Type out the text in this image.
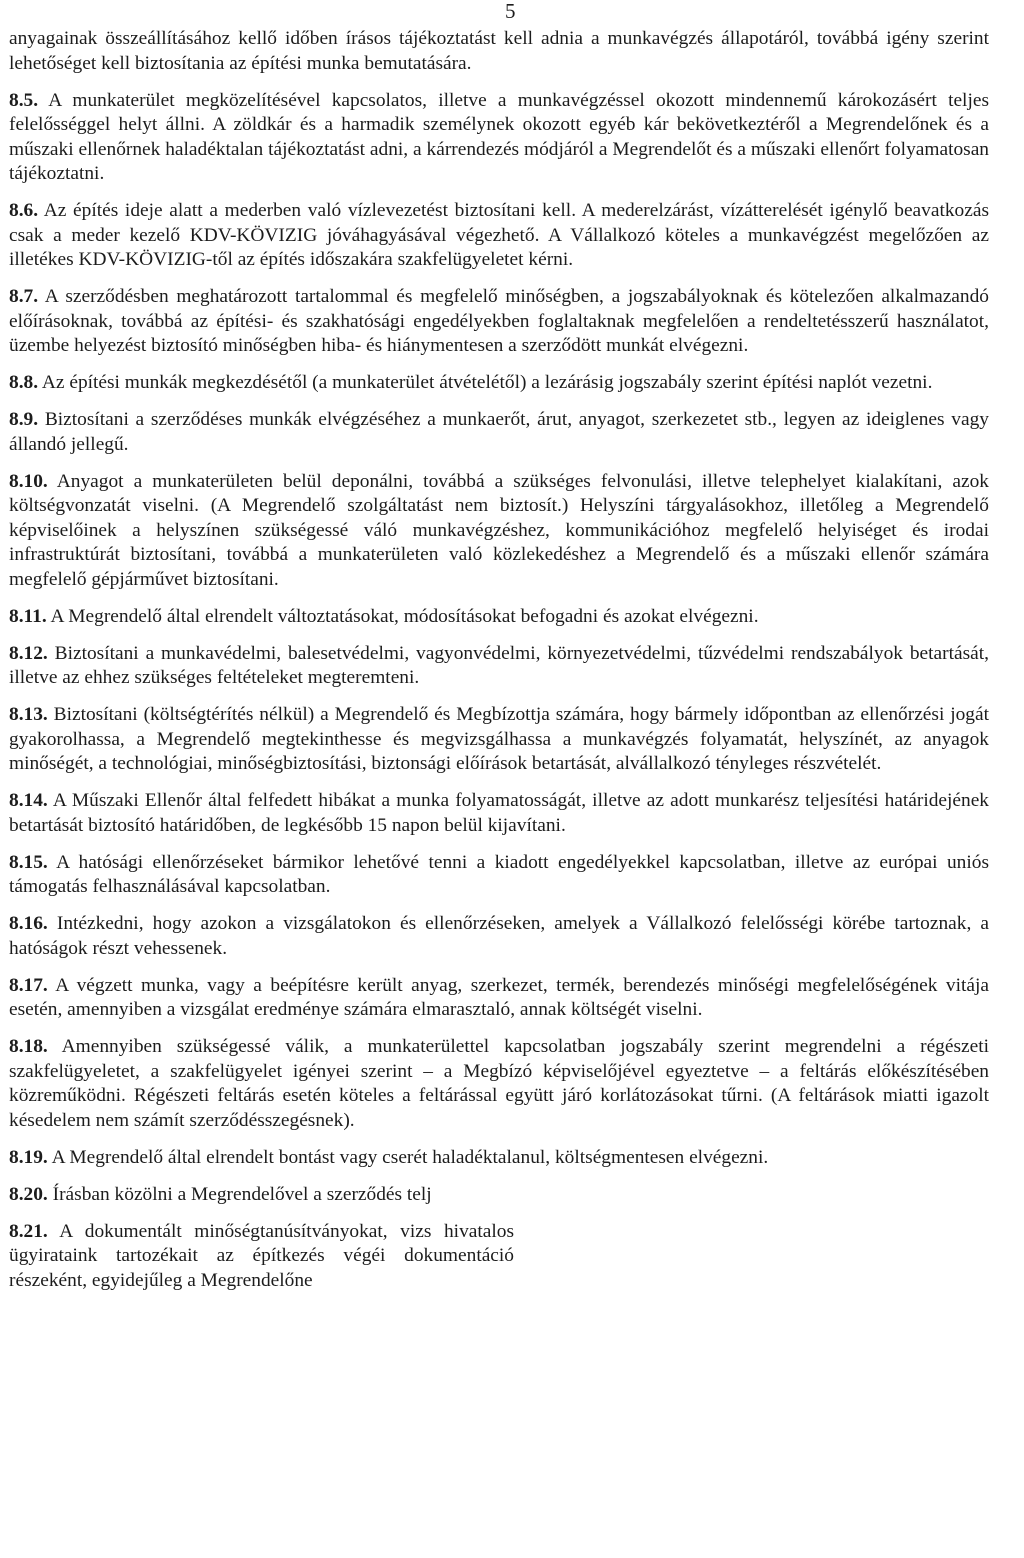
5

anyagainak összeállításához kellő időben írásos tájékoztatást kell adnia a munkavégzés állapotáról, továbbá igény szerint lehetőséget kell biztosítania az építési munka bemutatására.

8.5. A munkaterület megközelítésével kapcsolatos, illetve a munkavégzéssel okozott mindennemű károkozásért teljes felelősséggel helyt állni. A zöldkár és a harmadik személynek okozott egyéb kár bekövetkeztéről a Megrendelőnek és a műszaki ellenőrnek haladéktalan tájékoztatást adni, a kárrendezés módjáról a Megrendelőt és a műszaki ellenőrt folyamatosan tájékoztatni.

8.6. Az építés ideje alatt a mederben való vízlevezetést biztosítani kell. A mederelzárást, vízátterelését igénylő beavatkozás csak a meder kezelő KDV-KÖVIZIG jóváhagyásával végezhető. A Vállalkozó köteles a munkavégzést megelőzően az illetékes KDV-KÖVIZIG-től az építés időszakára szakfelügyeletet kérni.

8.7. A szerződésben meghatározott tartalommal és megfelelő minőségben, a jogszabályoknak és kötelezően alkalmazandó előírásoknak, továbbá az építési- és szakhatósági engedélyekben foglaltaknak megfelelően a rendeltetésszerű használatot, üzembe helyezést biztosító minőségben hiba- és hiánymentesen a szerződött munkát elvégezni.

8.8. Az építési munkák megkezdésétől (a munkaterület átvételétől) a lezárásig jogszabály szerint építési naplót vezetni.

8.9. Biztosítani a szerződéses munkák elvégzéséhez a munkaerőt, árut, anyagot, szerkezetet stb., legyen az ideiglenes vagy állandó jellegű.

8.10. Anyagot a munkaterületen belül deponálni, továbbá a szükséges felvonulási, illetve telephelyet kialakítani, azok költségvonzatát viselni. (A Megrendelő szolgáltatást nem biztosít.) Helyszíni tárgyalásokhoz, illetőleg a Megrendelő képviselőinek a helyszínen szükségessé váló munkavégzéshez, kommunikációhoz megfelelő helyiséget és irodai infrastruktúrát biztosítani, továbbá a munkaterületen való közlekedéshez a Megrendelő és a műszaki ellenőr számára megfelelő gépjárművet biztosítani.

8.11. A Megrendelő által elrendelt változtatásokat, módosításokat befogadni és azokat elvégezni.

8.12. Biztosítani a munkavédelmi, balesetvédelmi, vagyonvédelmi, környezetvédelmi, tűzvédelmi rendszabályok betartását, illetve az ehhez szükséges feltételeket megteremteni.

8.13. Biztosítani (költségtérítés nélkül) a Megrendelő és Megbízottja számára, hogy bármely időpontban az ellenőrzési jogát gyakorolhassa, a Megrendelő megtekinthesse és megvizsgálhassa a munkavégzés folyamatát, helyszínét, az anyagok minőségét, a technológiai, minőségbiztosítási, biztonsági előírások betartását, alvállalkozó tényleges részvételét.

8.14. A Műszaki Ellenőr által felfedett hibákat a munka folyamatosságát, illetve az adott munkarész teljesítési határidejének betartását biztosító határidőben, de legkésőbb 15 napon belül kijavítani.

8.15. A hatósági ellenőrzéseket bármikor lehetővé tenni a kiadott engedélyekkel kapcsolatban, illetve az európai uniós támogatás felhasználásával kapcsolatban.

8.16. Intézkedni, hogy azokon a vizsgálatokon és ellenőrzéseken, amelyek a Vállalkozó felelősségi körébe tartoznak, a hatóságok részt vehessenek.

8.17. A végzett munka, vagy a beépítésre került anyag, szerkezet, termék, berendezés minőségi megfelelőségének vitája esetén, amennyiben a vizsgálat eredménye számára elmarasztaló, annak költségét viselni.

8.18. Amennyiben szükségessé válik, a munkaterülettel kapcsolatban jogszabály szerint megrendelni a régészeti szakfelügyeletet, a szakfelügyelet igényei szerint – a Megbízó képviselőjével egyeztetve – a feltárás előkészítésében közreműködni. Régészeti feltárás esetén köteles a feltárással együtt járó korlátozásokat tűrni. (A feltárások miatti igazolt késedelem nem számít szerződésszegésnek).

8.19. A Megrendelő által elrendelt bontást vagy cserét haladéktalanul, költségmentesen elvégezni.

8.20. Írásban közölni a Megrendelővel a szerződés telj

8.21. A dokumentált minőségtanúsítványokat, vizs hivatalos ügyirataink tartozékait az építkezés végéi dokumentáció részeként, egyidejűleg a Megrendelőne
